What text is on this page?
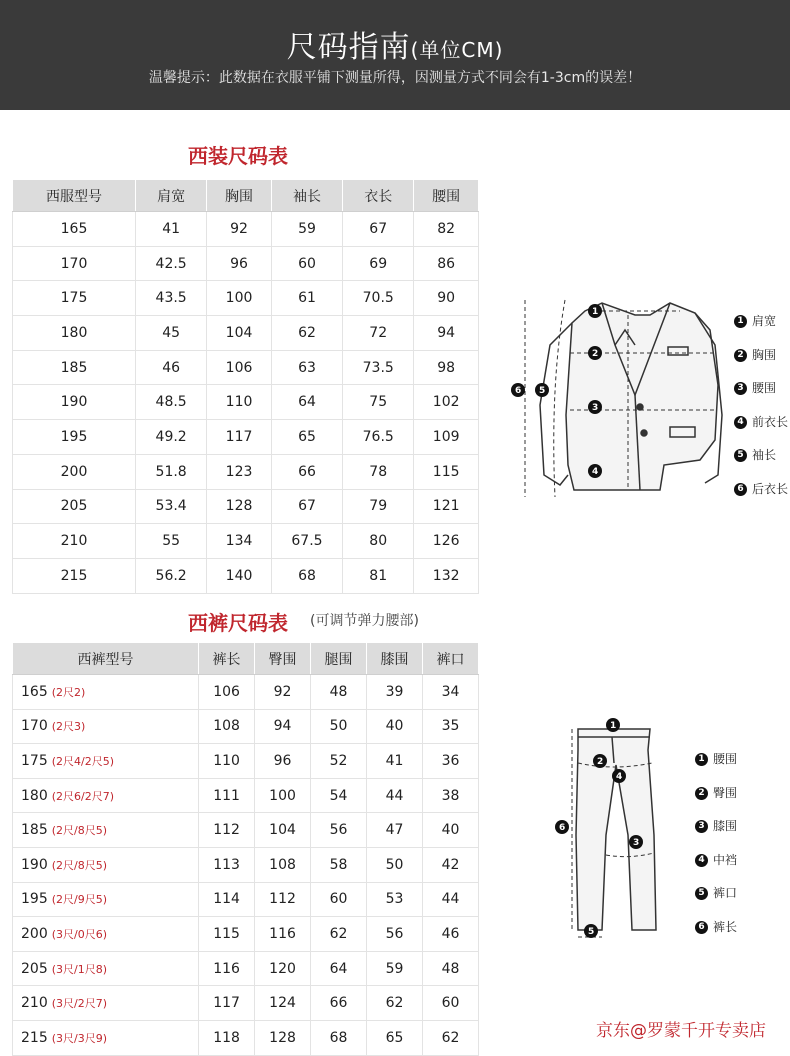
尺码指南(单位CM)
温馨提示：此数据在衣服平铺下测量所得，因测量方式不同会有1-3cm的误差！
西装尺码表
西服型号	肩宽	胸围	袖长	衣长	腰围
165	41	92	59	67	82
170	42.5	96	60	69	86
175	43.5	100	61	70.5	90
180	45	104	62	72	94
185	46	106	63	73.5	98
190	48.5	110	64	75	102
195	49.2	117	65	76.5	109
200	51.8	123	66	78	115
205	53.4	128	67	79	121
210	55	134	67.5	80	126
215	56.2	140	68	81	132
1
2
3
4
5
6
1 肩宽
2 胸围
3 腰围
4 前衣长
5 袖长
6 后衣长
西裤尺码表 (可调节弹力腰部)
西裤型号	裤长	臀围	腿围	膝围	裤口
165 (2尺2)	106	92	48	39	34
170 (2尺3)	108	94	50	40	35
175 (2尺4/2尺5)	110	96	52	41	36
180 (2尺6/2尺7)	111	100	54	44	38
185 (2尺/8尺5)	112	104	56	47	40
190 (2尺/8尺5)	113	108	58	50	42
195 (2尺/9尺5)	114	112	60	53	44
200 (3尺/0尺6)	115	116	62	56	46
205 (3尺/1尺8)	116	120	64	59	48
210 (3尺/2尺7)	117	124	66	62	60
215 (3尺/3尺9)	118	128	68	65	62
1
2
3
4
5
6
1 腰围
2 臀围
3 膝围
4 中裆
5 裤口
6 裤长
京东@罗蒙千开专卖店
